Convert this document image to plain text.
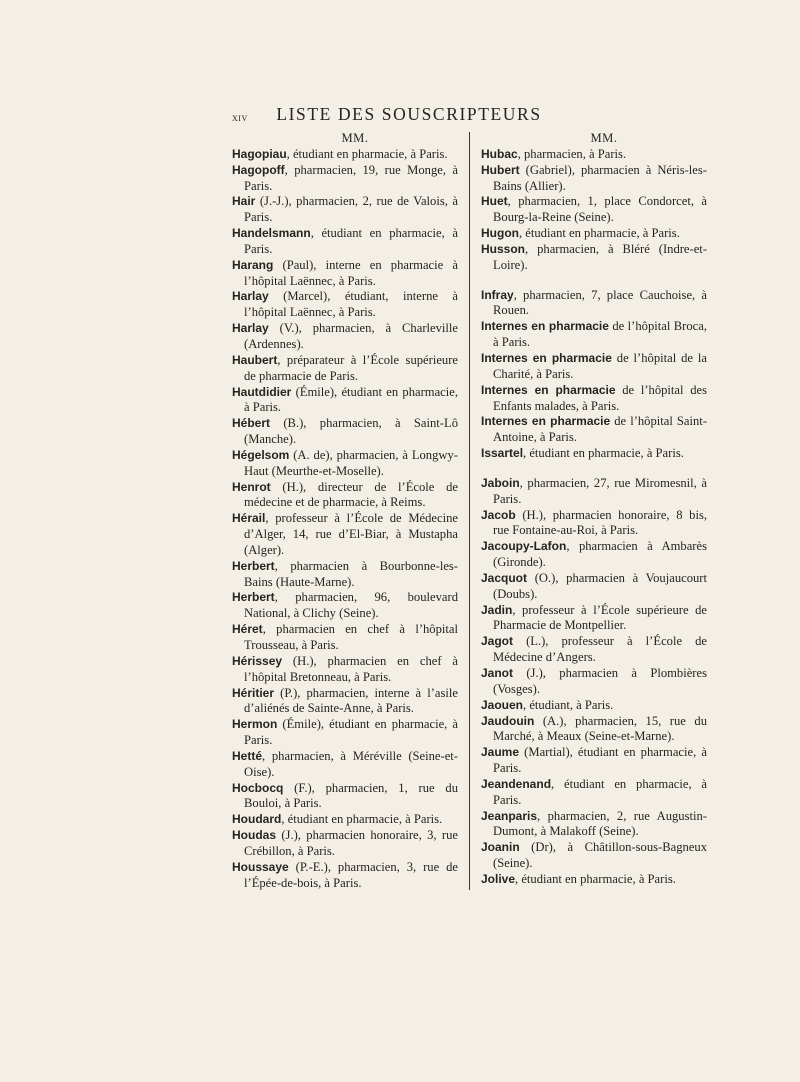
xiv	LISTE DES SOUSCRIPTEURS

MM.

Hagopiau, étudiant en pharmacie, à Paris.

Hagopoff, pharmacien, 19, rue Monge, à Paris.

Hair (J.-J.), pharmacien, 2, rue de Valois, à Paris.

Handelsmann, étudiant en pharmacie, à Paris.

Harang (Paul), interne en pharmacie à l’hôpital Laënnec, à Paris.

Harlay (Marcel), étudiant, interne à l’hôpital Laënnec, à Paris.

Harlay (V.), pharmacien, à Charleville (Ardennes).

Haubert, préparateur à l’École supérieure de pharmacie de Paris.

Hautdidier (Émile), étudiant en pharmacie, à Paris.

Hébert (B.), pharmacien, à Saint-Lô (Manche).

Hégelsom (A. de), pharmacien, à Longwy-Haut (Meurthe-et-Moselle).

Henrot (H.), directeur de l’École de médecine et de pharmacie, à Reims.

Hérail, professeur à l’École de Médecine d’Alger, 14, rue d’El-Biar, à Mustapha (Alger).

Herbert, pharmacien à Bourbonne-les-Bains (Haute-Marne).

Herbert, pharmacien, 96, boulevard National, à Clichy (Seine).

Héret, pharmacien en chef à l’hôpital Trousseau, à Paris.

Hérissey (H.), pharmacien en chef à l’hôpital Bretonneau, à Paris.

Héritier (P.), pharmacien, interne à l’asile d’aliénés de Sainte-Anne, à Paris.

Hermon (Émile), étudiant en pharmacie, à Paris.

Hetté, pharmacien, à Méréville (Seine-et-Oise).

Hocbocq (F.), pharmacien, 1, rue du Bouloi, à Paris.

Houdard, étudiant en pharmacie, à Paris.

Houdas (J.), pharmacien honoraire, 3, rue Crébillon, à Paris.

Houssaye (P.-E.), pharmacien, 3, rue de l’Épée-de-bois, à Paris.

MM.

Hubac, pharmacien, à Paris.

Hubert (Gabriel), pharmacien à Néris-les-Bains (Allier).

Huet, pharmacien, 1, place Condorcet, à Bourg-la-Reine (Seine).

Hugon, étudiant en pharmacie, à Paris.

Husson, pharmacien, à Bléré (Indre-et-Loire).

Infray, pharmacien, 7, place Cauchoise, à Rouen.

Internes en pharmacie de l’hôpital Broca, à Paris.

Internes en pharmacie de l’hôpital de la Charité, à Paris.

Internes en pharmacie de l’hôpital des Enfants malades, à Paris.

Internes en pharmacie de l’hôpital Saint-Antoine, à Paris.

Issartel, étudiant en pharmacie, à Paris.

Jaboin, pharmacien, 27, rue Miromesnil, à Paris.

Jacob (H.), pharmacien honoraire, 8 bis, rue Fontaine-au-Roi, à Paris.

Jacoupy-Lafon, pharmacien à Ambarès (Gironde).

Jacquot (O.), pharmacien à Voujaucourt (Doubs).

Jadin, professeur à l’École supérieure de Pharmacie de Montpellier.

Jagot (L.), professeur à l’École de Médecine d’Angers.

Janot (J.), pharmacien à Plombières (Vosges).

Jaouen, étudiant, à Paris.

Jaudouin (A.), pharmacien, 15, rue du Marché, à Meaux (Seine-et-Marne).

Jaume (Martial), étudiant en pharmacie, à Paris.

Jeandenand, étudiant en pharmacie, à Paris.

Jeanparis, pharmacien, 2, rue Augustin-Dumont, à Malakoff (Seine).

Joanin (Dr), à Châtillon-sous-Bagneux (Seine).

Jolive, étudiant en pharmacie, à Paris.
